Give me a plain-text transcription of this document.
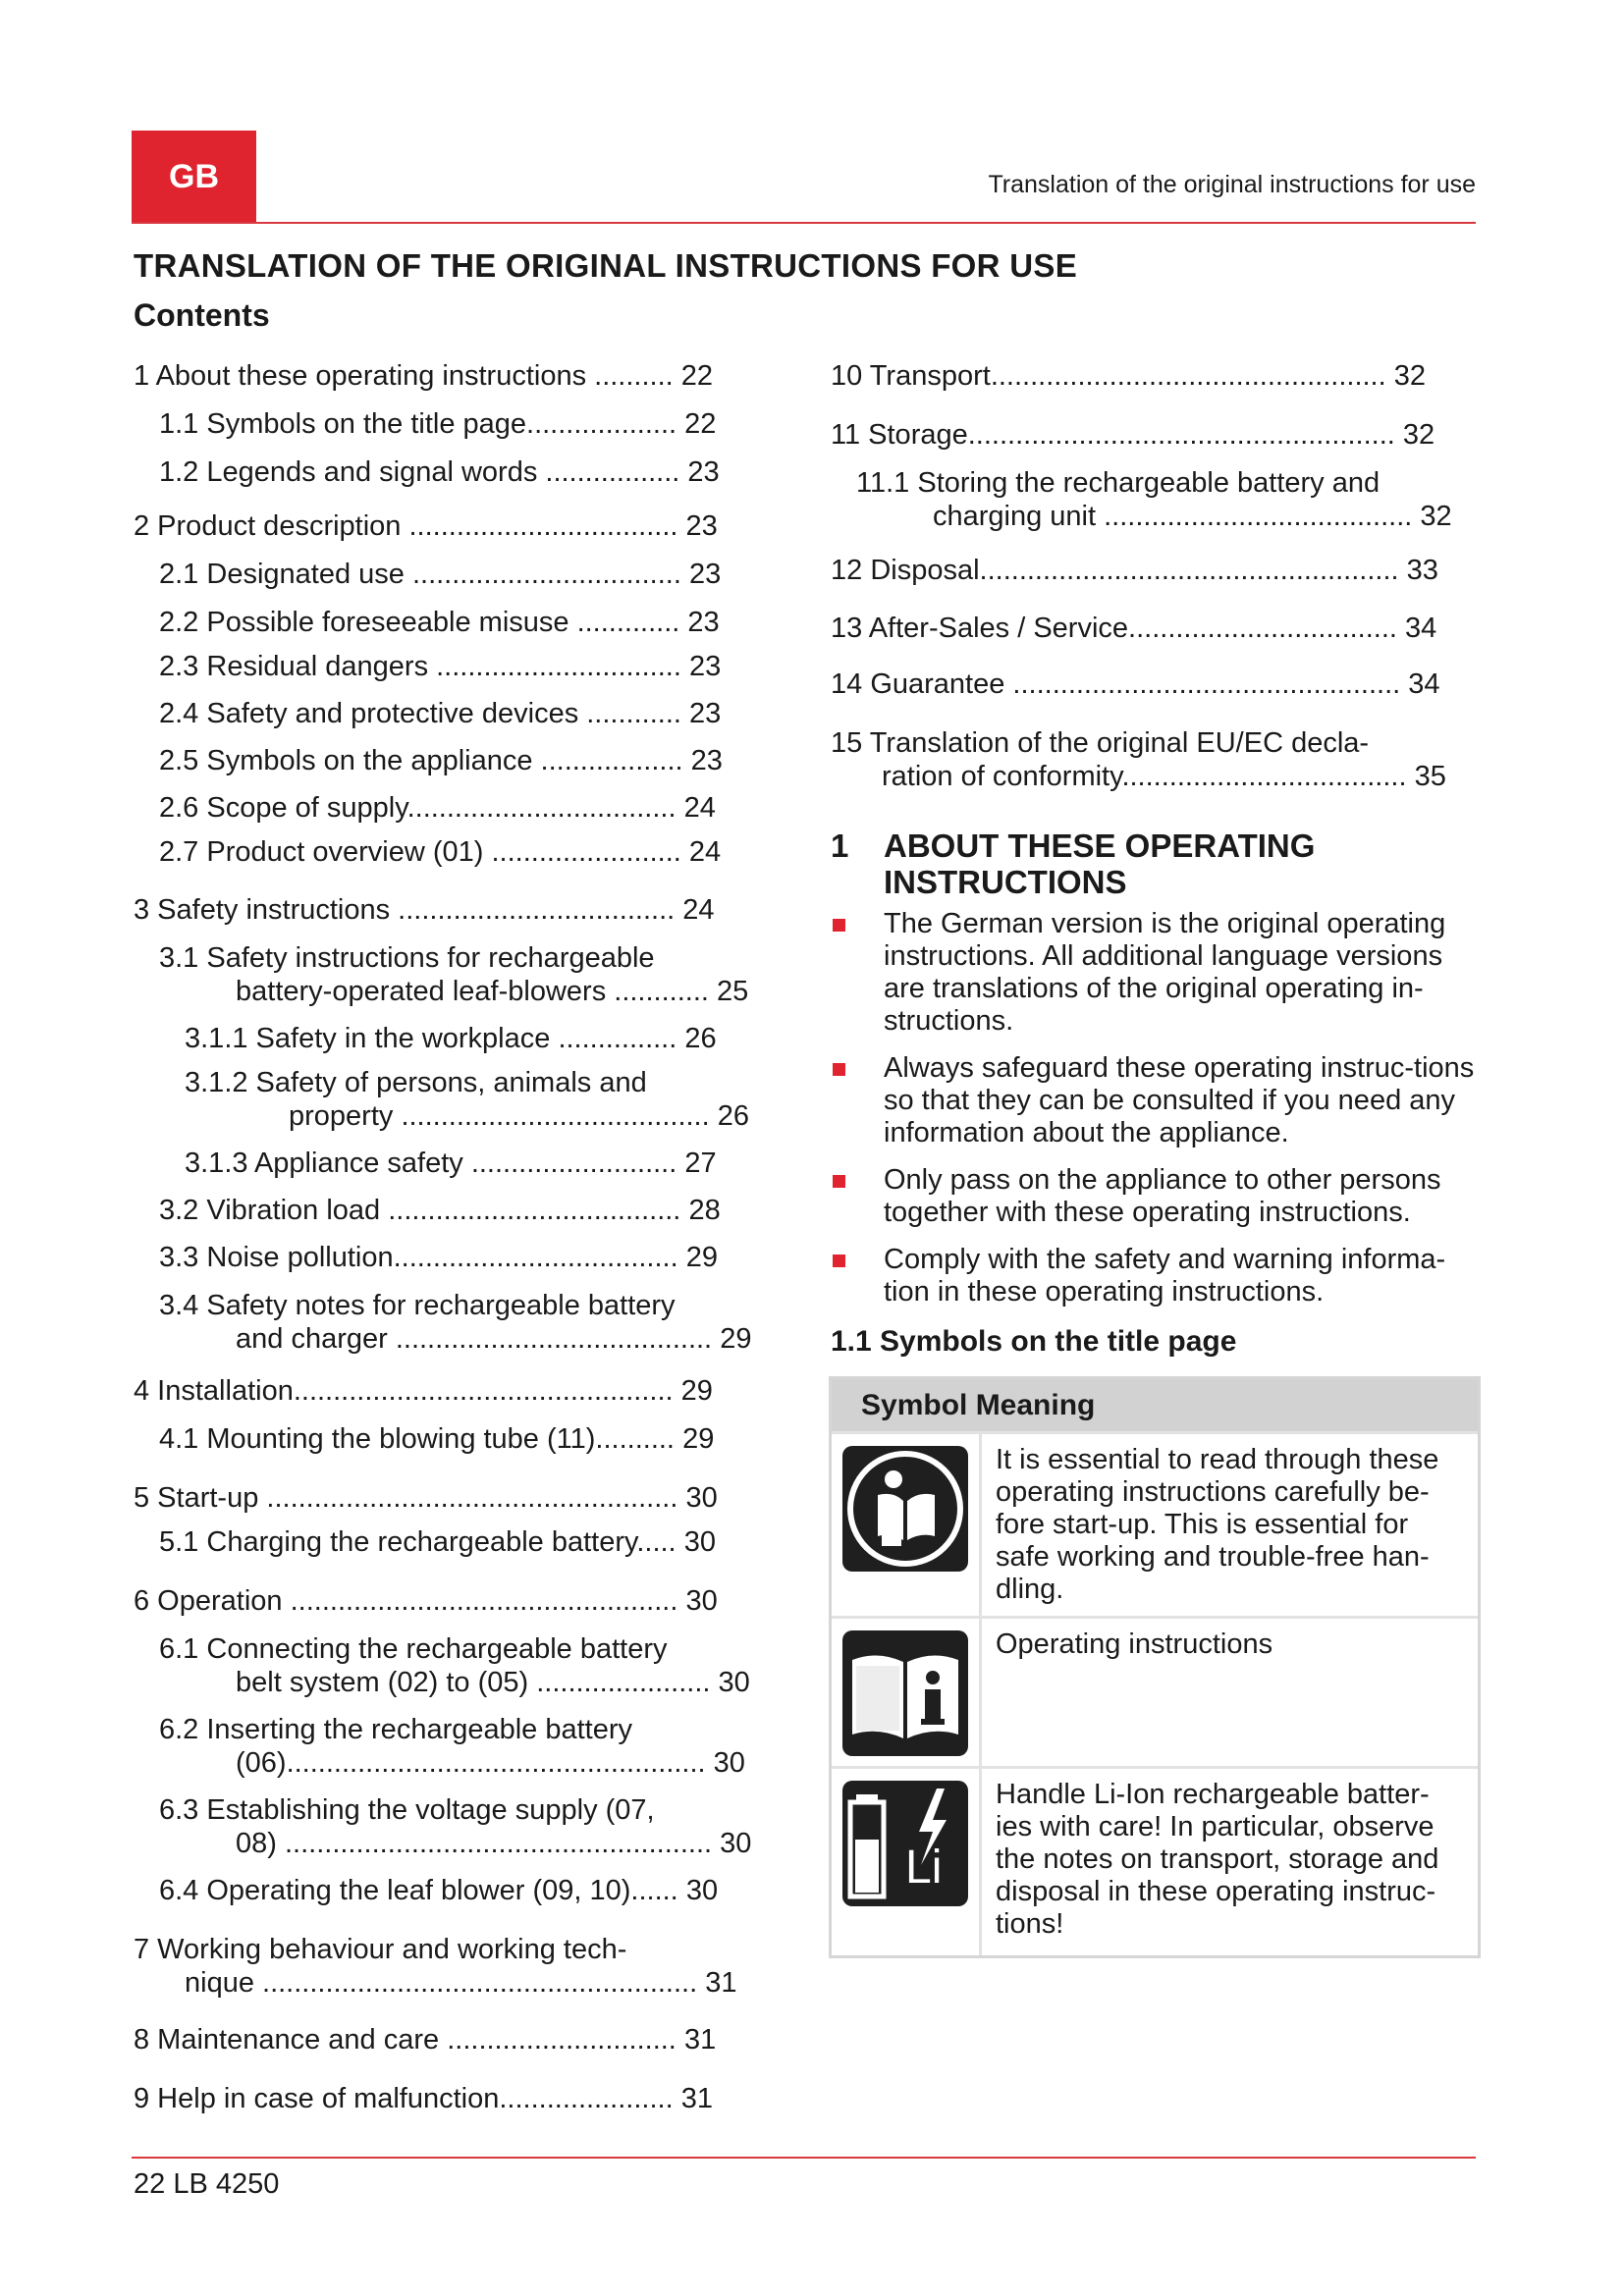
GB	Translation of the original instructions for use
TRANSLATION OF THE ORIGINAL INSTRUCTIONS FOR USE
Contents
1 About these operating instructions .......... 22
1.1 Symbols on the title page................... 22
1.2 Legends and signal words ................. 23
2 Product description .................................. 23
2.1 Designated use .................................. 23
2.2 Possible foreseeable misuse ............. 23
2.3 Residual dangers ............................... 23
2.4 Safety and protective devices ............ 23
2.5 Symbols on the appliance .................. 23
2.6 Scope of supply.................................. 24
2.7 Product overview (01) ........................ 24
3 Safety instructions ................................... 24
3.1 Safety instructions for rechargeable
battery-operated leaf-blowers ............ 25
3.1.1 Safety in the workplace ............... 26
3.1.2 Safety of persons, animals and
property ....................................... 26
3.1.3 Appliance safety .......................... 27
3.2 Vibration load ..................................... 28
3.3 Noise pollution.................................... 29
3.4 Safety notes for rechargeable battery
and charger ........................................ 29
4 Installation................................................ 29
4.1 Mounting the blowing tube (11).......... 29
5 Start-up .................................................... 30
5.1 Charging the rechargeable battery..... 30
6 Operation ................................................. 30
6.1 Connecting the rechargeable battery
belt system (02) to (05) ...................... 30
6.2 Inserting the rechargeable battery
(06)..................................................... 30
6.3 Establishing the voltage supply (07,
08) ...................................................... 30
6.4 Operating the leaf blower (09, 10)...... 30
7 Working behaviour and working tech-
nique ....................................................... 31
8 Maintenance and care ............................. 31
9 Help in case of malfunction...................... 31
10 Transport.................................................. 32
11 Storage...................................................... 32
11.1 Storing the rechargeable battery and
charging unit ....................................... 32
12 Disposal..................................................... 33
13 After-Sales / Service.................................. 34
14 Guarantee ................................................. 34
15 Translation of the original EU/EC decla-
ration of conformity.................................... 35
1 ABOUT THESE OPERATING
INSTRUCTIONS
The German version is the original operating instructions. All additional language versions are translations of the original operating in-structions.
Always safeguard these operating instruc-tions so that they can be consulted if you need any information about the appliance.
Only pass on the appliance to other persons together with these operating instructions.
Comply with the safety and warning informa-tion in these operating instructions.
1.1 Symbols on the title page
Symbol Meaning
It is essential to read through these operating instructions carefully be-fore start-up. This is essential for safe working and trouble-free han-dling.
Operating instructions
Li
Handle Li-Ion rechargeable batter-ies with care! In particular, observe the notes on transport, storage and disposal in these operating instruc-tions!
22 LB 4250
